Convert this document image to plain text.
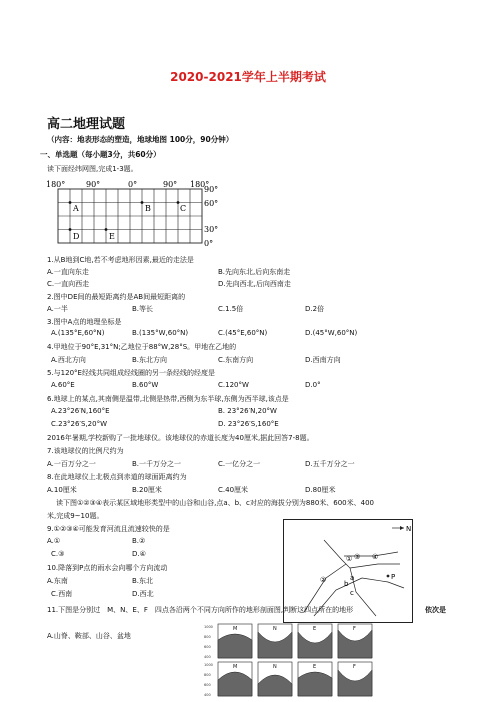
2020-2021学年上半期考试
高二地理试题
（内容：地表形态的塑造，地球地图 100分，90分钟）
一、单选题（每小题3分，共60分）
读下面经纬网图,完成1-3题。
180°	90°	0°	90° 180°
A	B	C
D	E
90°
60°
30°
0°
1.从B地到C地,若不考虑地形因素,最近的走法是
A.一直向东走	B.先向东北,后向东南走
C.一直向西走	D.先向西北,后向西南走
2.图中DE间的最短距离约是AB间最短距离的
A.一半	B.等长	C.1.5倍	D.2倍
3.图中A点的地理坐标是
A.(135°E,60°N)	B.(135°W,60°N)	C.(45°E,60°N)	D.(45°W,60°N)
4.甲地位于90°E,31°N;乙地位于88°W,28°S。甲地在乙地的
A.西北方向	B.东北方向	C.东南方向	D.西南方向
5.与120°E经线共同组成经线圈的另一条经线的经度是
A.60°E	B.60°W	C.120°W	D.0°
6.地球上的某点,其南侧是温带,北侧是热带,西侧为东半球,东侧为西半球,该点是
A.23°26′N,160°E	B. 23°26′N,20°W
C.23°26′S,20°W	D. 23°26′S,160°E
2016年暑期,学校新购了一批地球仪。该地球仪的赤道长度为40厘米,据此回答7-8题。
7.该地球仪的比例尺约为
A.一百万分之一	B.一千万分之一	C.一亿分之一	D.五千万分之一
8.在此地球仪上北极点到赤道的球面距离约为
A.10厘米	B.20厘米	C.40厘米	D.80厘米
读下图①②③④表示某区域地形类型中的山谷和山谷,点a、b、c对应的海拔分别为880米、600米、400
米,完成9~10题。
9.①②③④可能发育河流且流速较快的是
A.①	B.②
C.③	D.④
10.降落到P点的雨水会向哪个方向流动
A.东南	B.东北
C.西南	D.西北
N
①
②
③ ④
a
b
c
P
11.下图是分别过　M、N、E、F　四点各沿两个不同方向所作的地形剖面图,判断这四点所在的地形	依次是
A.山脊、鞍部、山谷、盆地
1000
800
600
400
1000
800
600
400
M	N	E	F
M	N	E	F
